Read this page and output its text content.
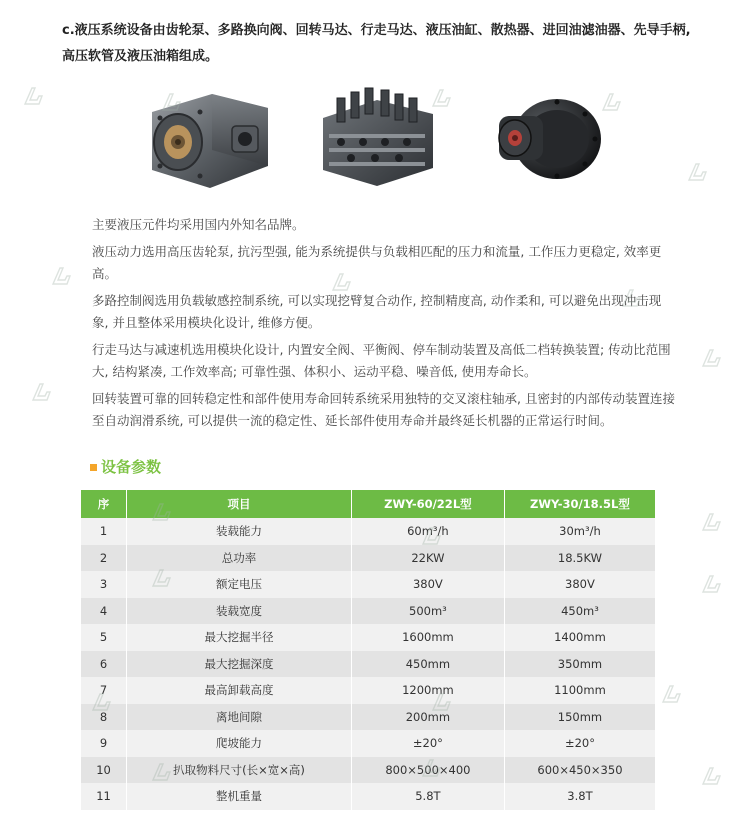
c.液压系统设备由齿轮泵、多路换向阀、回转马达、行走马达、液压油缸、散热器、进回油滤油器、先导手柄, 高压软管及液压油箱组成。

主要液压元件均采用国内外知名品牌。

液压动力选用高压齿轮泵, 抗污型强, 能为系统提供与负载相匹配的压力和流量, 工作压力更稳定, 效率更高。

多路控制阀选用负载敏感控制系统, 可以实现挖臂复合动作, 控制精度高, 动作柔和, 可以避免出现冲击现象, 并且整体采用模块化设计, 维修方便。

行走马达与减速机选用模块化设计, 内置安全阀、平衡阀、停车制动装置及高低二档转换装置; 传动比范围大, 结构紧凑, 工作效率高; 可靠性强、体积小、运动平稳、噪音低, 使用寿命长。

回转装置可靠的回转稳定性和部件使用寿命回转系统采用独特的交叉滚柱轴承, 且密封的内部传动装置连接至自动润滑系统, 可以提供一流的稳定性、延长部件使用寿命并最终延长机器的正常运行时间。

设备参数
序	项目	ZWY-60/22L型	ZWY-30/18.5L型
1	装载能力	60m³/h	30m³/h
2	总功率	22KW	18.5KW
3	额定电压	380V	380V
4	装载宽度	500m³	450m³
5	最大挖掘半径	1600mm	1400mm
6	最大挖掘深度	450mm	350mm
7	最高卸载高度	1200mm	1100mm
8	离地间隙	200mm	150mm
9	爬坡能力	±20°	±20°
10	扒取物料尺寸(长×宽×高)	800×500×400	600×450×350
11	整机重量	5.8T	3.8T
